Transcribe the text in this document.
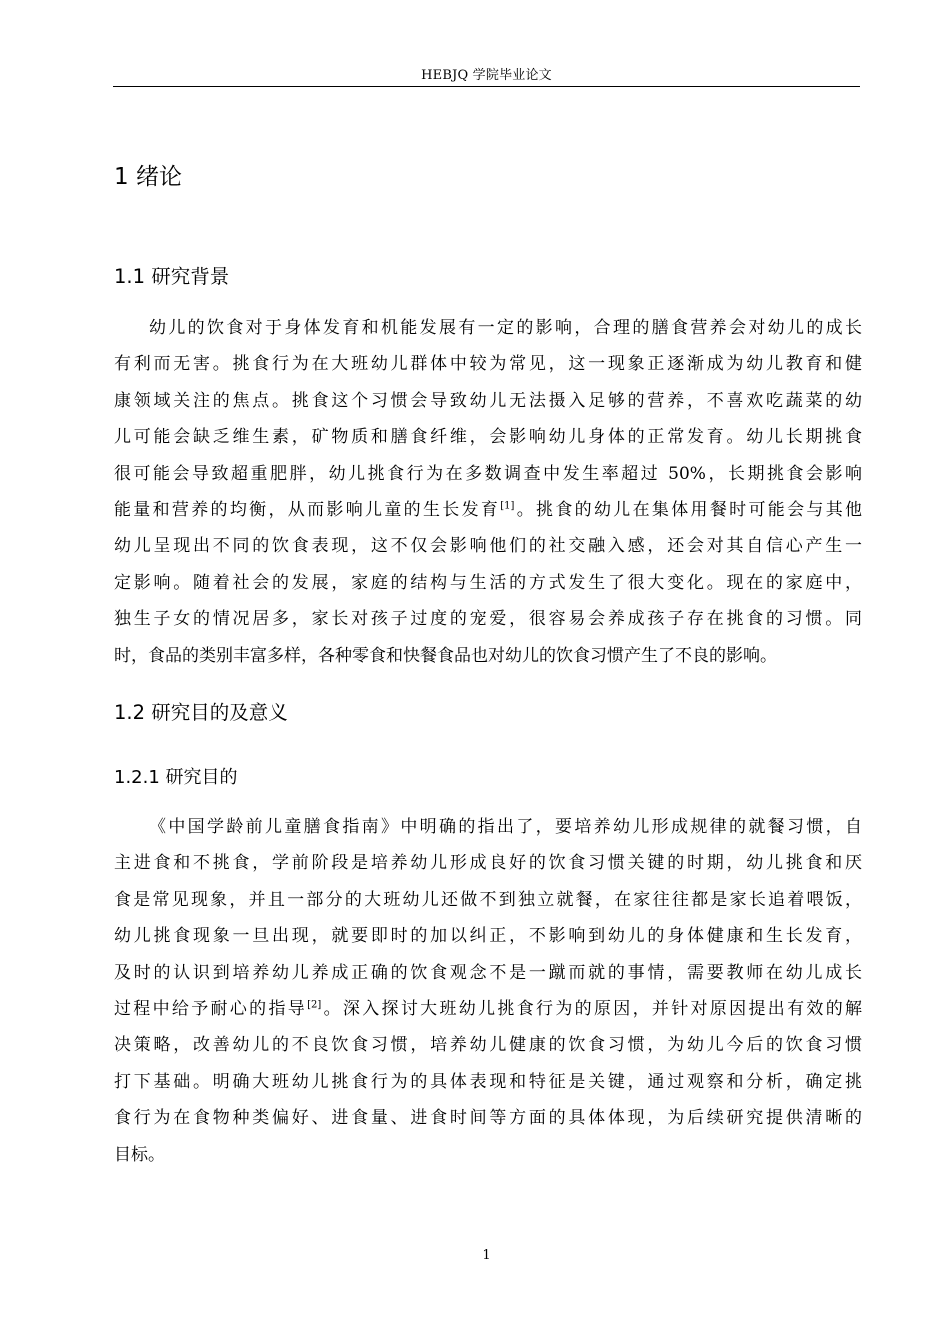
HEBJQ 学院毕业论文
1 绪论
1.1 研究背景
幼儿的饮食对于身体发育和机能发展有一定的影响，合理的膳食营养会对幼儿的成长
有利而无害。挑食行为在大班幼儿群体中较为常见，这一现象正逐渐成为幼儿教育和健
康领域关注的焦点。挑食这个习惯会导致幼儿无法摄入足够的营养，不喜欢吃蔬菜的幼
儿可能会缺乏维生素，矿物质和膳食纤维，会影响幼儿身体的正常发育。幼儿长期挑食
很可能会导致超重肥胖，幼儿挑食行为在多数调查中发生率超过 50%，长期挑食会影响
能量和营养的均衡，从而影响儿童的生长发育[1]。挑食的幼儿在集体用餐时可能会与其他
幼儿呈现出不同的饮食表现，这不仅会影响他们的社交融入感，还会对其自信心产生一
定影响。随着社会的发展，家庭的结构与生活的方式发生了很大变化。现在的家庭中，
独生子女的情况居多，家长对孩子过度的宠爱，很容易会养成孩子存在挑食的习惯。同
时，食品的类别丰富多样，各种零食和快餐食品也对幼儿的饮食习惯产生了不良的影响。
1.2 研究目的及意义
1.2.1 研究目的
《中国学龄前儿童膳食指南》中明确的指出了，要培养幼儿形成规律的就餐习惯，自
主进食和不挑食，学前阶段是培养幼儿形成良好的饮食习惯关键的时期，幼儿挑食和厌
食是常见现象，并且一部分的大班幼儿还做不到独立就餐，在家往往都是家长追着喂饭，
幼儿挑食现象一旦出现，就要即时的加以纠正，不影响到幼儿的身体健康和生长发育，
及时的认识到培养幼儿养成正确的饮食观念不是一蹴而就的事情，需要教师在幼儿成长
过程中给予耐心的指导[2]。深入探讨大班幼儿挑食行为的原因，并针对原因提出有效的解
决策略，改善幼儿的不良饮食习惯，培养幼儿健康的饮食习惯，为幼儿今后的饮食习惯
打下基础。明确大班幼儿挑食行为的具体表现和特征是关键，通过观察和分析，确定挑
食行为在食物种类偏好、进食量、进食时间等方面的具体体现，为后续研究提供清晰的
目标。
1
